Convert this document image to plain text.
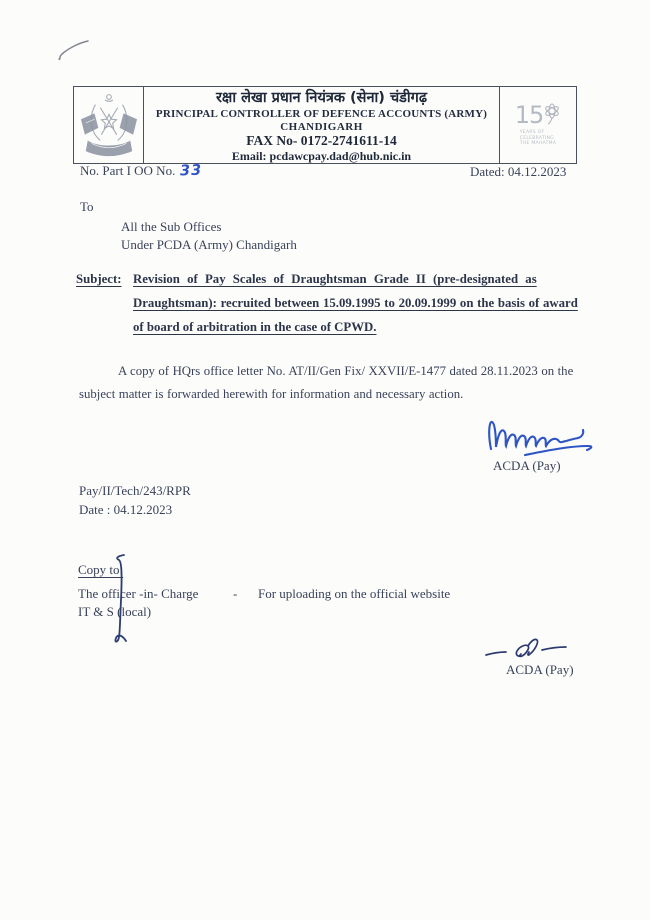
रक्षा लेखा प्रधान नियंत्रक (सेना) चंडीगढ़
PRINCIPAL CONTROLLER OF DEFENCE ACCOUNTS (ARMY)
CHANDIGARH
FAX No- 0172-2741611-14
Email: pcdawcpay.dad@hub.nic.in
15
YEARS OF
CELEBRATING
THE MAHATMA
No. Part I OO No. 33	Dated: 04.12.2023
To
All the Sub Offices
Under PCDA (Army) Chandigarh
Subject: Revision of Pay Scales of Draughtsman Grade II (pre-designated as
Draughtsman): recruited between 15.09.1995 to 20.09.1999 on the basis of award
of board of arbitration in the case of CPWD.
A copy of HQrs office letter No. AT/II/Gen Fix/ XXVII/E-1477 dated 28.11.2023 on the
subject matter is forwarded herewith for information and necessary action.
ACDA (Pay)
Pay/II/Tech/243/RPR
Date : 04.12.2023
Copy to:
The officer -in- Charge	- For uploading on the official website
IT & S (local)
ACDA (Pay)
